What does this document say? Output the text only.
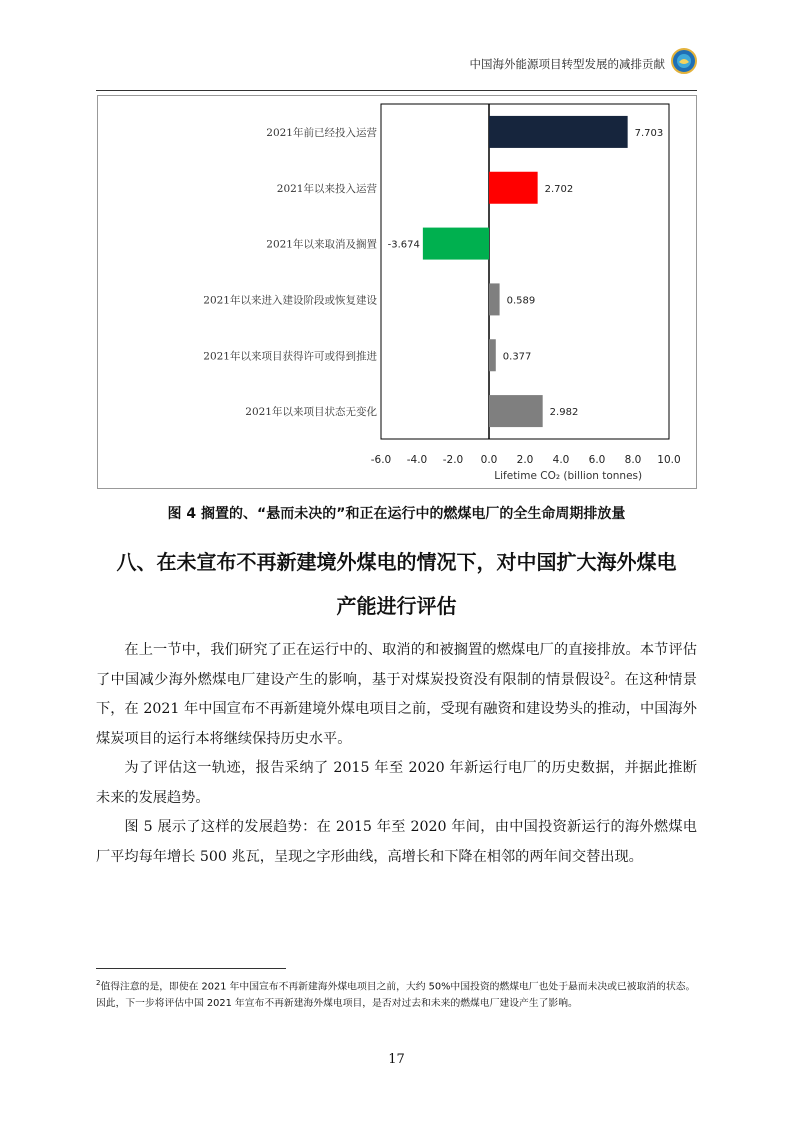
中国海外能源项目转型发展的减排贡献
7.703
2021年前已经投入运营
2.702
2021年以来投入运营
-3.674
2021年以来取消及搁置
0.589
2021年以来进入建设阶段或恢复建设
0.377
2021年以来项目获得许可或得到推进
2.982
2021年以来项目状态无变化
-6.0 -4.0 -2.0 0.0 2.0 4.0 6.0 8.0 10.0
Lifetime CO₂ (billion tonnes)
图 4 搁置的、“悬而未决的”和正在运行中的燃煤电厂的全生命周期排放量
八、在未宣布不再新建境外煤电的情况下，对中国扩大海外煤电
产能进行评估

在上一节中，我们研究了正在运行中的、取消的和被搁置的燃煤电厂的直接排放。本节评估了中国减少海外燃煤电厂建设产生的影响，基于对煤炭投资没有限制的情景假设$^2$。在这种情景下，在 2021 年中国宣布不再新建境外煤电项目之前，受现有融资和建设势头的推动，中国海外煤炭项目的运行本将继续保持历史水平。

为了评估这一轨迹，报告采纳了 2015 年至 2020 年新运行电厂的历史数据，并据此推断未来的发展趋势。

图 5 展示了这样的发展趋势：在 2015 年至 2020 年间，由中国投资新运行的海外燃煤电厂平均每年增长 500 兆瓦，呈现之字形曲线，高增长和下降在相邻的两年间交替出现。

$^2$值得注意的是，即使在 2021 年中国宣布不再新建海外煤电项目之前，大约 50%中国投资的燃煤电厂也处于悬而未决或已被取消的状态。因此，下一步将评估中国 2021 年宣布不再新建海外煤电项目，是否对过去和未来的燃煤电厂建设产生了影响。
17
